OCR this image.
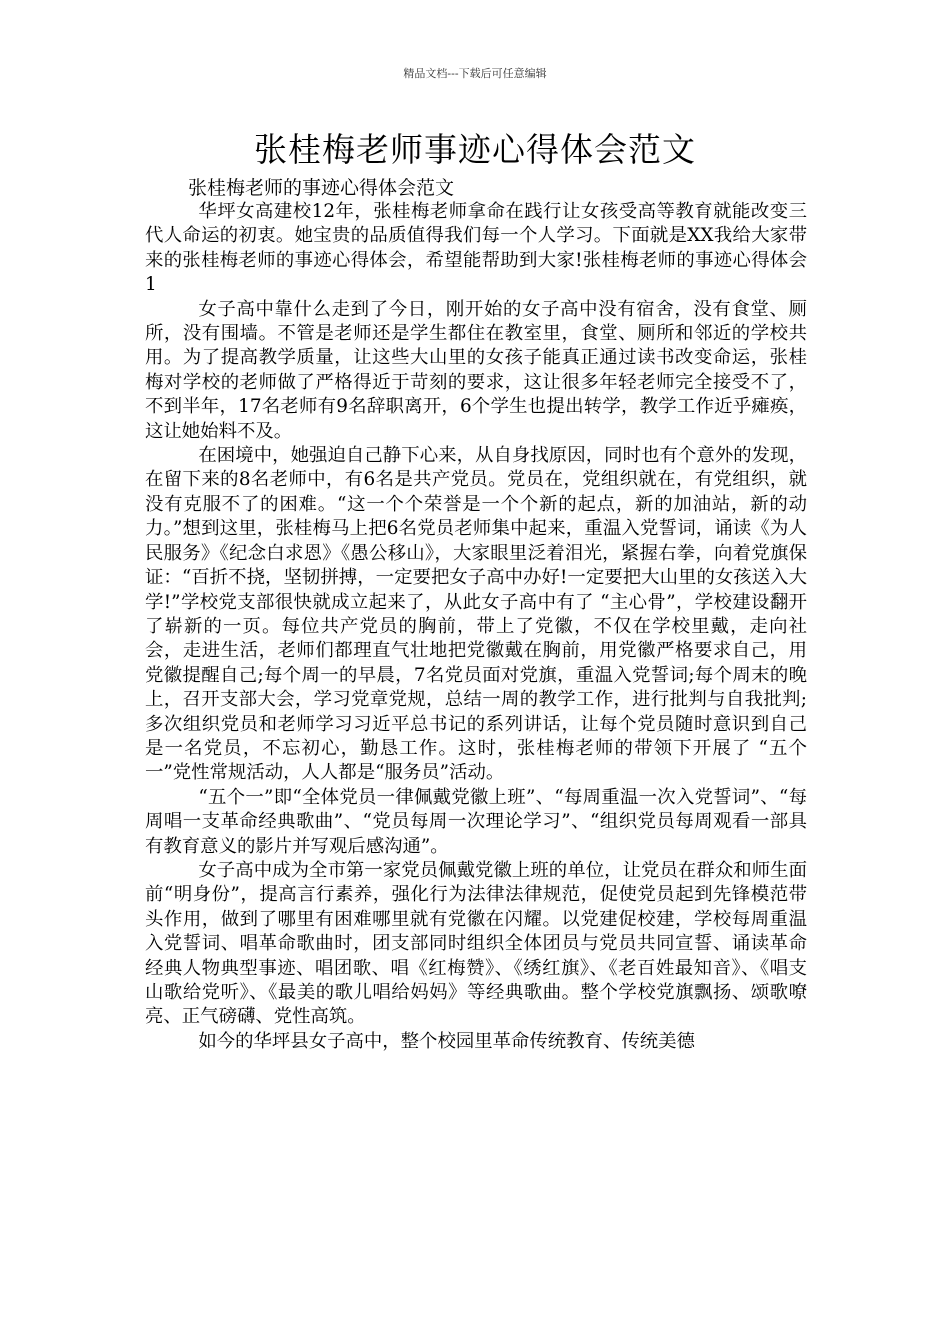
精品文档---下载后可任意编辑
张桂梅老师事迹心得体会范文
张桂梅老师的事迹心得体会范文

华坪女高建校12年，张桂梅老师拿命在践行让女孩受高等教育就能改变三代人命运的初衷。她宝贵的品质值得我们每一个人学习。下面就是XX我给大家带来的张桂梅老师的事迹心得体会，希望能帮助到大家!张桂梅老师的事迹心得体会1

女子高中靠什么走到了今日，刚开始的女子高中没有宿舍，没有食堂、厕所，没有围墙。不管是老师还是学生都住在教室里，食堂、厕所和邻近的学校共用。为了提高教学质量，让这些大山里的女孩子能真正通过读书改变命运，张桂梅对学校的老师做了严格得近于苛刻的要求，这让很多年轻老师完全接受不了，不到半年，17名老师有9名辞职离开，6个学生也提出转学，教学工作近乎瘫痪，这让她始料不及。

在困境中，她强迫自己静下心来，从自身找原因，同时也有个意外的发现，在留下来的8名老师中，有6名是共产党员。党员在，党组织就在，有党组织，就没有克服不了的困难。“这一个个荣誉是一个个新的起点，新的加油站，新的动力。”想到这里，张桂梅马上把6名党员老师集中起来，重温入党誓词，诵读《为人民服务》《纪念白求恩》《愚公移山》，大家眼里泛着泪光，紧握右拳，向着党旗保证：“百折不挠，坚韧拼搏，一定要把女子高中办好!一定要把大山里的女孩送入大学!”学校党支部很快就成立起来了，从此女子高中有了 “主心骨”，学校建设翻开了崭新的一页。每位共产党员的胸前，带上了党徽，不仅在学校里戴，走向社会，走进生活，老师们都理直气壮地把党徽戴在胸前，用党徽严格要求自己，用党徽提醒自己;每个周一的早晨，7名党员面对党旗，重温入党誓词;每个周末的晚上，召开支部大会，学习党章党规，总结一周的教学工作，进行批判与自我批判;多次组织党员和老师学习习近平总书记的系列讲话，让每个党员随时意识到自己是一名党员，不忘初心，勤恳工作。这时，张桂梅老师的带领下开展了 “五个一”党性常规活动，人人都是“服务员”活动。

“五个一”即“全体党员一律佩戴党徽上班”、“每周重温一次入党誓词”、“每周唱一支革命经典歌曲”、“党员每周一次理论学习”、“组织党员每周观看一部具有教育意义的影片并写观后感沟通”。

女子高中成为全市第一家党员佩戴党徽上班的单位，让党员在群众和师生面前“明身份”，提高言行素养，强化行为法律法律规范，促使党员起到先锋模范带头作用，做到了哪里有困难哪里就有党徽在闪耀。以党建促校建，学校每周重温入党誓词、唱革命歌曲时，团支部同时组织全体团员与党员共同宣誓、诵读革命经典人物典型事迹、唱团歌、唱《红梅赞》、《绣红旗》、《老百姓最知音》、《唱支山歌给党听》、《最美的歌儿唱给妈妈》等经典歌曲。整个学校党旗飘扬、颂歌嘹亮、正气磅礴、党性高筑。

如今的华坪县女子高中，整个校园里革命传统教育、传统美德
